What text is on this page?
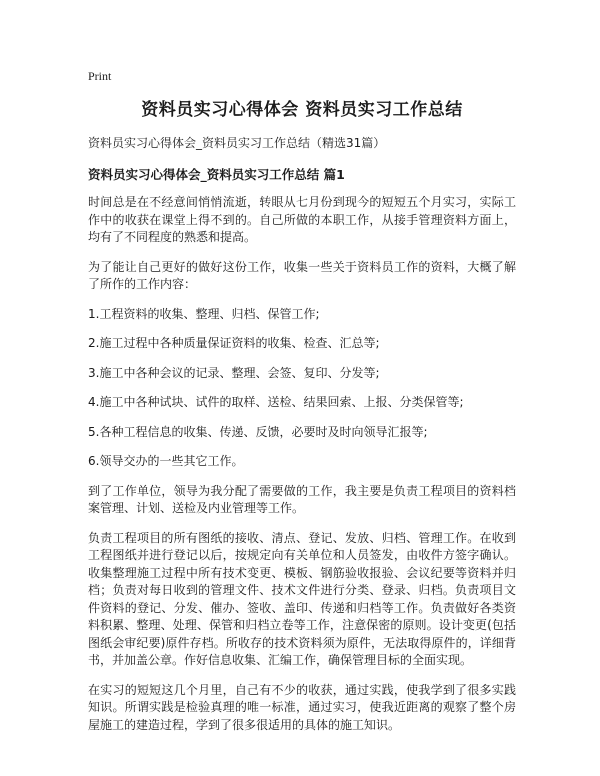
Print
资料员实习心得体会 资料员实习工作总结
资料员实习心得体会_资料员实习工作总结（精选31篇）
资料员实习心得体会_资料员实习工作总结 篇1

时间总是在不经意间悄悄流逝，转眼从七月份到现今的短短五个月实习，实际工作中的收获在课堂上得不到的。自己所做的本职工作，从接手管理资料方面上，均有了不同程度的熟悉和提高。

为了能让自己更好的做好这份工作，收集一些关于资料员工作的资料，大概了解了所作的工作内容：

1.工程资料的收集、整理、归档、保管工作;

2.施工过程中各种质量保证资料的收集、检查、汇总等;

3.施工中各种会议的记录、整理、会签、复印、分发等;

4.施工中各种试块、试件的取样、送检、结果回索、上报、分类保管等;

5.各种工程信息的收集、传递、反馈，必要时及时向领导汇报等;

6.领导交办的一些其它工作。

到了工作单位，领导为我分配了需要做的工作，我主要是负责工程项目的资料档案管理、计划、送检及内业管理等工作。

负责工程项目的所有图纸的接收、清点、登记、发放、归档、管理工作。在收到工程图纸并进行登记以后，按规定向有关单位和人员签发，由收件方签字确认。收集整理施工过程中所有技术变更、模板、钢筋验收报验、会议纪要等资料并归档；负责对每日收到的管理文件、技术文件进行分类、登录、归档。负责项目文件资料的登记、分发、催办、签收、盖印、传递和归档等工作。负责做好各类资料积累、整理、处理、保管和归档立卷等工作，注意保密的原则。设计变更(包括图纸会审纪要)原件存档。所收存的技术资料须为原件，无法取得原件的，详细背书，并加盖公章。作好信息收集、汇编工作，确保管理目标的全面实现。

在实习的短短这几个月里，自己有不少的收获，通过实践，使我学到了很多实践知识。所谓实践是检验真理的唯一标准，通过实习，使我近距离的观察了整个房屋施工的建造过程，学到了很多很适用的具体的施工知识。
